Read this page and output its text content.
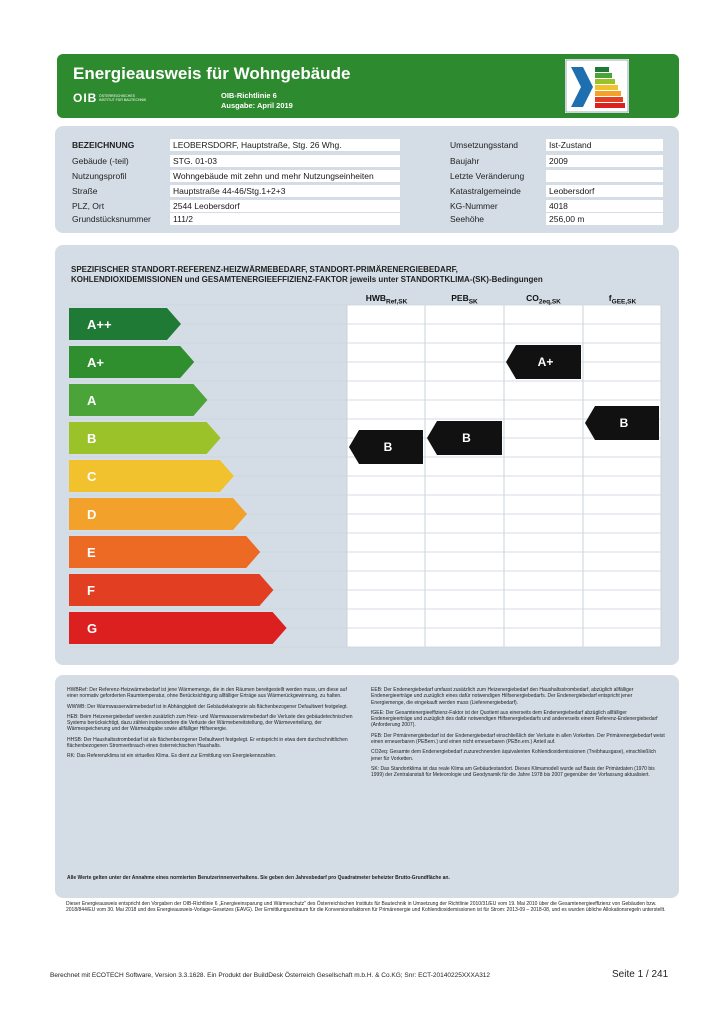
Energieausweis für Wohngebäude
OIB ÖSTERREICHISCHES INSTITUT FÜR BAUTECHNIK	OIB-Richtlinie 6
Ausgabe: April 2019
BEZEICHNUNG	LEOBERSDORF, Hauptstraße, Stg. 26 Whg.
Gebäude (-teil)	STG. 01-03
Nutzungsprofil	Wohngebäude mit zehn und mehr Nutzungseinheiten
Straße	Hauptstraße 44-46/Stg.1+2+3
PLZ, Ort	2544 Leobersdorf
Grundstücksnummer	111/2
Umsetzungsstand	Ist-Zustand
Baujahr	2009
Letzte Veränderung
Katastralgemeinde	Leobersdorf
KG-Nummer	4018
Seehöhe	256,00 m
SPEZIFISCHER STANDORT-REFERENZ-HEIZWÄRMEBEDARF, STANDORT-PRIMÄRENERGIEBEDARF,
KOHLENDIOXIDEMISSIONEN und GESAMTENERGIEEFFIZIENZ-FAKTOR jeweils unter STANDORTKLIMA-(SK)-Bedingungen
A++
A+
A
B
C
D
E
F
G
B
B
A+
B
$HWB_{Ref,SK}$	$PEB_{SK}$	$CO_{2eq,SK}$	$f_{GEE,SK}$
HWBRef: Der Referenz-Heizwärmebedarf ist jene Wärmemenge, die in den Räumen bereitgestellt werden muss, um diese auf einer normativ geforderten Raumtemperatur, ohne Berücksichtigung allfälliger Erträge aus Wärmerückgewinnung, zu halten.
WWWB: Der Warmwasserwärmebedarf ist in Abhängigkeit der Gebäudekategorie als flächenbezogener Defaultwert festgelegt.
HEB: Beim Heizenergiebedarf werden zusätzlich zum Heiz- und Warmwasserwärmebedarf die Verluste des gebäudetechnischen Systems berücksichtigt, dazu zählen insbesondere die Verluste der Wärmebereitstellung, der Wärmeverteilung, der Wärmespeicherung und der Wärmeabgabe sowie allfälliger Hilfsenergie.
HHSB: Der Haushaltsstrombedarf ist als flächenbezogener Defaultwert festgelegt. Er entspricht in etwa dem durchschnittlichen flächenbezogenen Stromverbrauch eines österreichischen Haushalts.
RK: Das Referenzklima ist ein virtuelles Klima. Es dient zur Ermittlung von Energiekennzahlen.
EEB: Der Endenergiebedarf umfasst zusätzlich zum Heizenergiebedarf den Haushaltsstrombedarf, abzüglich allfälliger Endenergieerträge und zuzüglich eines dafür notwendigen Hilfsenergiebedarfs. Der Endenergiebedarf entspricht jener Energiemenge, die eingekauft werden muss (Lieferenergiebedarf).
fGEE: Der Gesamtenergieeffizienz-Faktor ist der Quotient aus einerseits dem Endenergiebedarf abzüglich allfälliger Endenergieerträge und zuzüglich des dafür notwendigen Hilfsenergiebedarfs und andererseits einem Referenz-Endenergiebedarf (Anforderung 2007).
PEB: Der Primärenergiebedarf ist der Endenergiebedarf einschließlich der Verluste in allen Vorketten. Der Primärenergiebedarf weist einen erneuerbaren (PEBern.) und einen nicht erneuerbaren (PEBn.ern.) Anteil auf.
CO2eq: Gesamte dem Endenergiebedarf zuzurechnenden äquivalenten Kohlendioxidemissionen (Treibhausgase), einschließlich jener für Vorketten.
SK: Das Standortklima ist das reale Klima am Gebäudestandort. Dieses Klimamodell wurde auf Basis der Primärdaten (1970 bis 1999) der Zentralanstalt für Meteorologie und Geodynamik für die Jahre 1978 bis 2007 gegenüber der Vorfassung aktualisiert.
Alle Werte gelten unter der Annahme eines normierten Benutzerinnenverhaltens. Sie geben den Jahresbedarf pro Quadratmeter beheizter Brutto-Grundfläche an.
Dieser Energieausweis entspricht den Vorgaben der OIB-Richtlinie 6 „Energieeinsparung und Wärmeschutz" des Österreichischen Instituts für Bautechnik in Umsetzung der Richtlinie 2010/31/EU vom 19. Mai 2010 über die Gesamtenergieeffizienz von Gebäuden bzw. 2018/844/EU vom 30. Mai 2018 und des Energieausweis-Vorlage-Gesetzes (EAVG). Der Ermittlungszeitraum für die Konversionsfaktoren für Primärenergie und Kohlendioxidemissionen ist für Strom: 2013-09 – 2018-08, und es wurden übliche Allokationsregeln unterstellt.
Berechnet mit ECOTECH Software, Version 3.3.1628. Ein Produkt der BuildDesk Österreich Gesellschaft m.b.H. & Co.KG; Snr: ECT-20140225XXXA312	Seite 1 / 241
